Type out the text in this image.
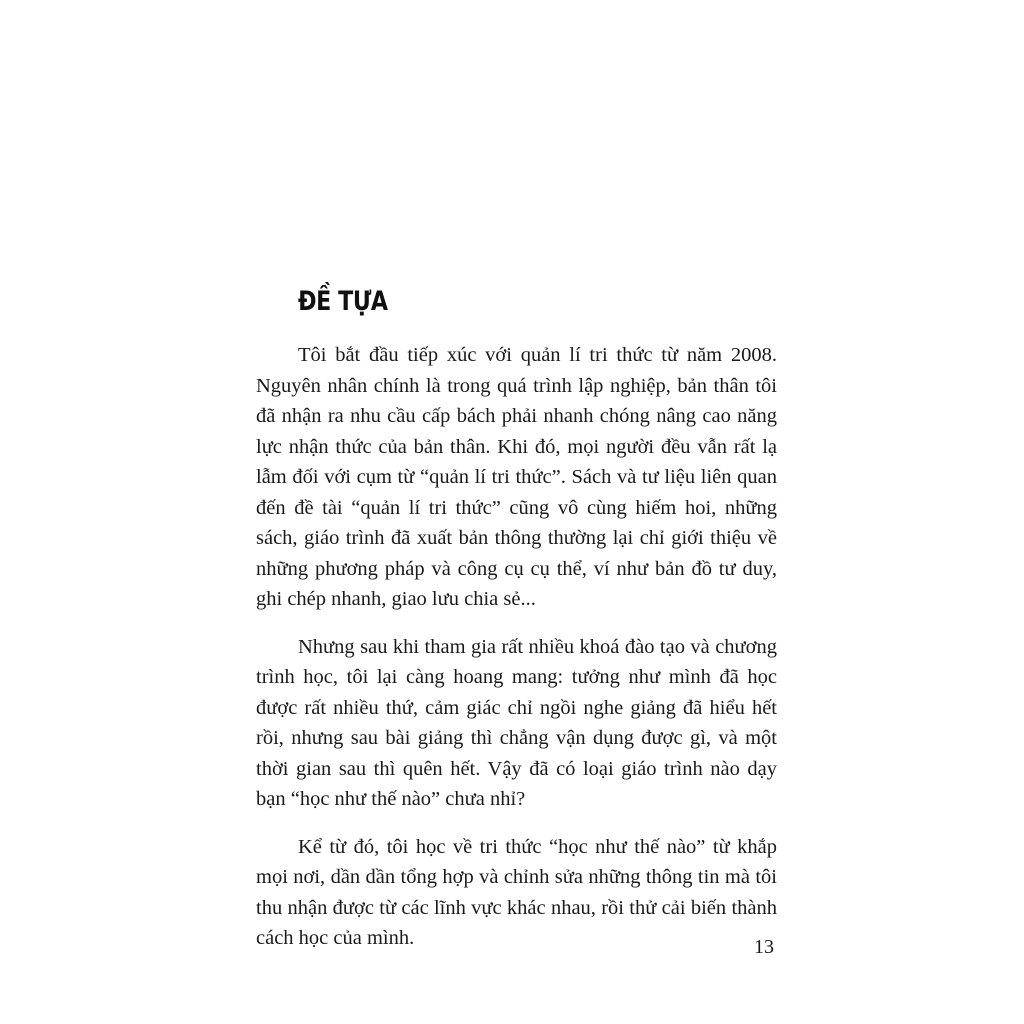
ĐỀ TỰA

Tôi bắt đầu tiếp xúc với quản lí tri thức từ năm 2008. Nguyên nhân chính là trong quá trình lập nghiệp, bản thân tôi đã nhận ra nhu cầu cấp bách phải nhanh chóng nâng cao năng lực nhận thức của bản thân. Khi đó, mọi người đều vẫn rất lạ lẫm đối với cụm từ “quản lí tri thức”. Sách và tư liệu liên quan đến đề tài “quản lí tri thức” cũng vô cùng hiếm hoi, những sách, giáo trình đã xuất bản thông thường lại chỉ giới thiệu về những phương pháp và công cụ cụ thể, ví như bản đồ tư duy, ghi chép nhanh, giao lưu chia sẻ...

Nhưng sau khi tham gia rất nhiều khoá đào tạo và chương trình học, tôi lại càng hoang mang: tưởng như mình đã học được rất nhiều thứ, cảm giác chỉ ngồi nghe giảng đã hiểu hết rồi, nhưng sau bài giảng thì chẳng vận dụng được gì, và một thời gian sau thì quên hết. Vậy đã có loại giáo trình nào dạy bạn “học như thế nào” chưa nhỉ?

Kể từ đó, tôi học về tri thức “học như thế nào” từ khắp mọi nơi, dần dần tổng hợp và chỉnh sửa những thông tin mà tôi thu nhận được từ các lĩnh vực khác nhau, rồi thử cải biến thành cách học của mình.	13
